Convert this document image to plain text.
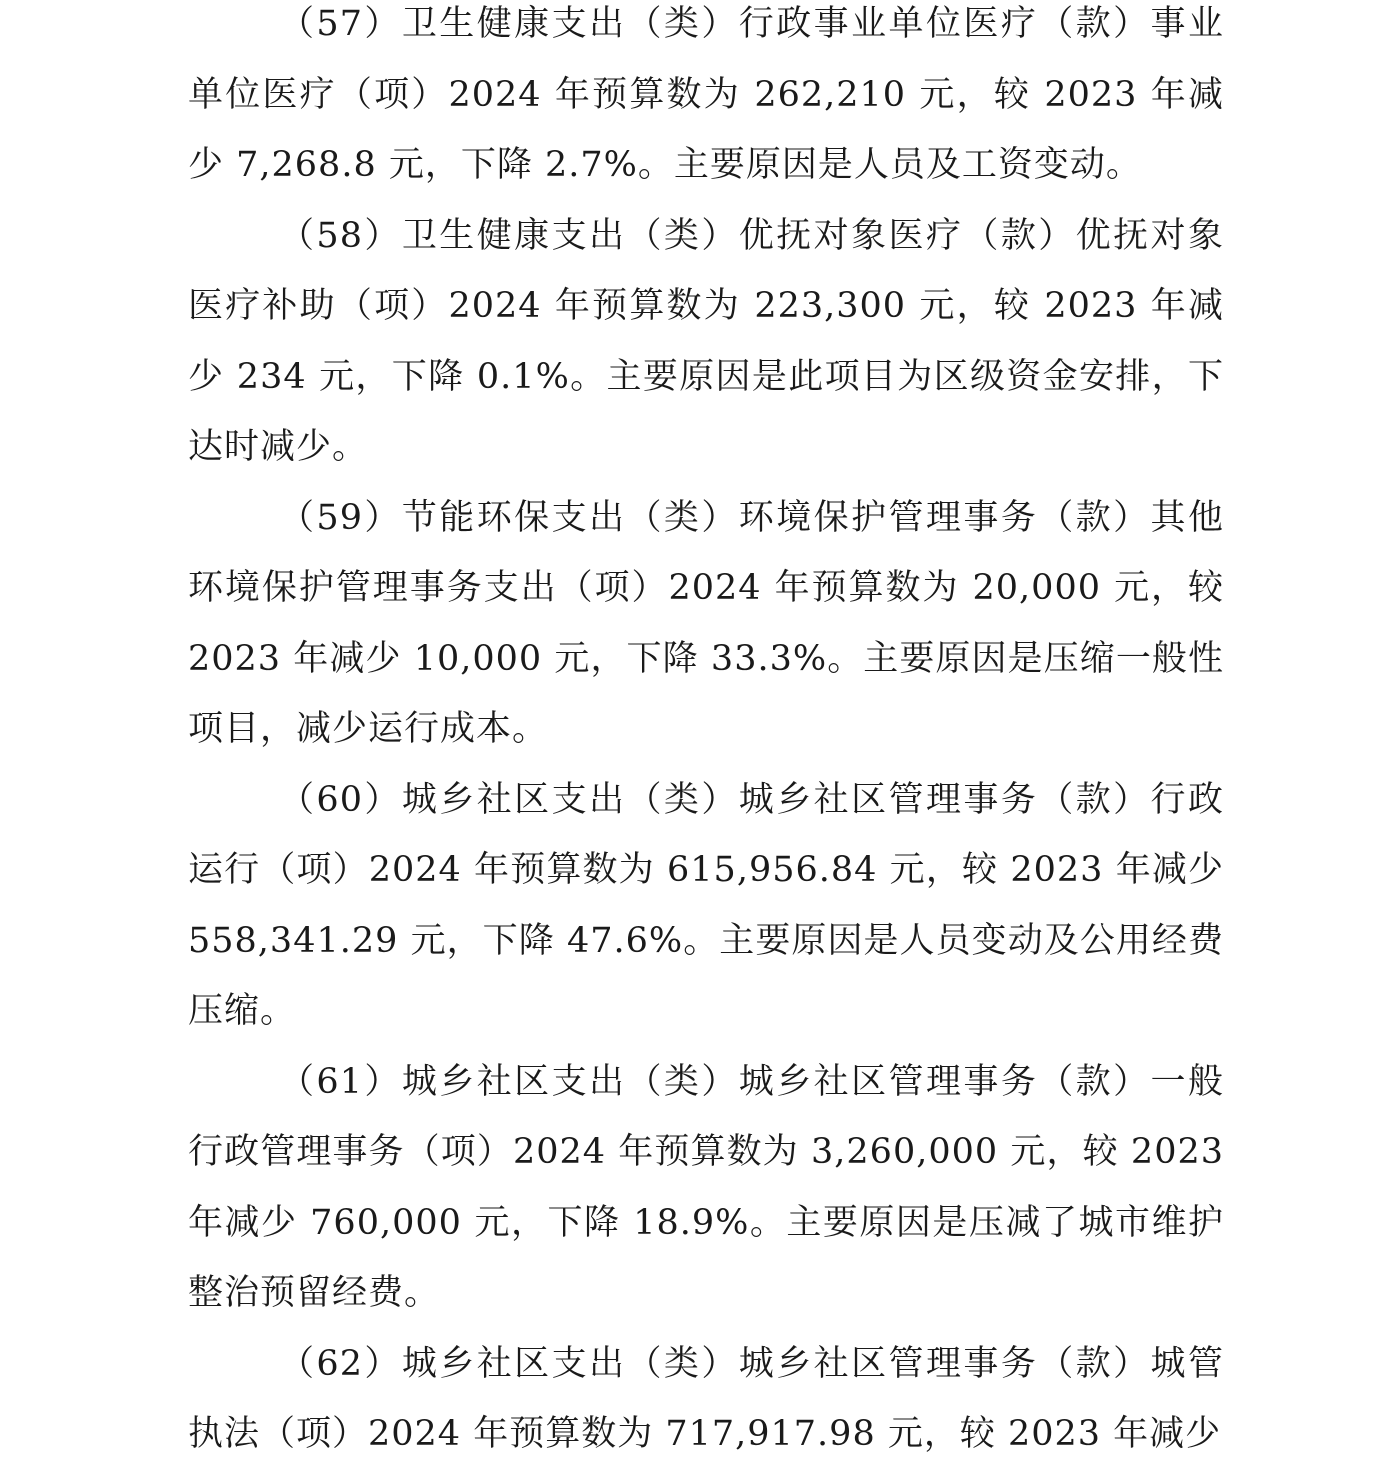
（57）卫生健康支出（类）行政事业单位医疗（款）事业单位医疗（项）2024 年预算数为 262,210 元，较 2023 年减少 7,268.8 元，下降 2.7%。主要原因是人员及工资变动。

（58）卫生健康支出（类）优抚对象医疗（款）优抚对象医疗补助（项）2024 年预算数为 223,300 元，较 2023 年减少 234 元，下降 0.1%。主要原因是此项目为区级资金安排，下达时减少。

（59）节能环保支出（类）环境保护管理事务（款）其他环境保护管理事务支出（项）2024 年预算数为 20,000 元，较 2023 年减少 10,000 元，下降 33.3%。主要原因是压缩一般性项目，减少运行成本。

（60）城乡社区支出（类）城乡社区管理事务（款）行政运行（项）2024 年预算数为 615,956.84 元，较 2023 年减少 558,341.29 元，下降 47.6%。主要原因是人员变动及公用经费压缩。

（61）城乡社区支出（类）城乡社区管理事务（款）一般行政管理事务（项）2024 年预算数为 3,260,000 元，较 2023 年减少 760,000 元，下降 18.9%。主要原因是压减了城市维护整治预留经费。

（62）城乡社区支出（类）城乡社区管理事务（款）城管执法（项）2024 年预算数为 717,917.98 元，较 2023 年减少
